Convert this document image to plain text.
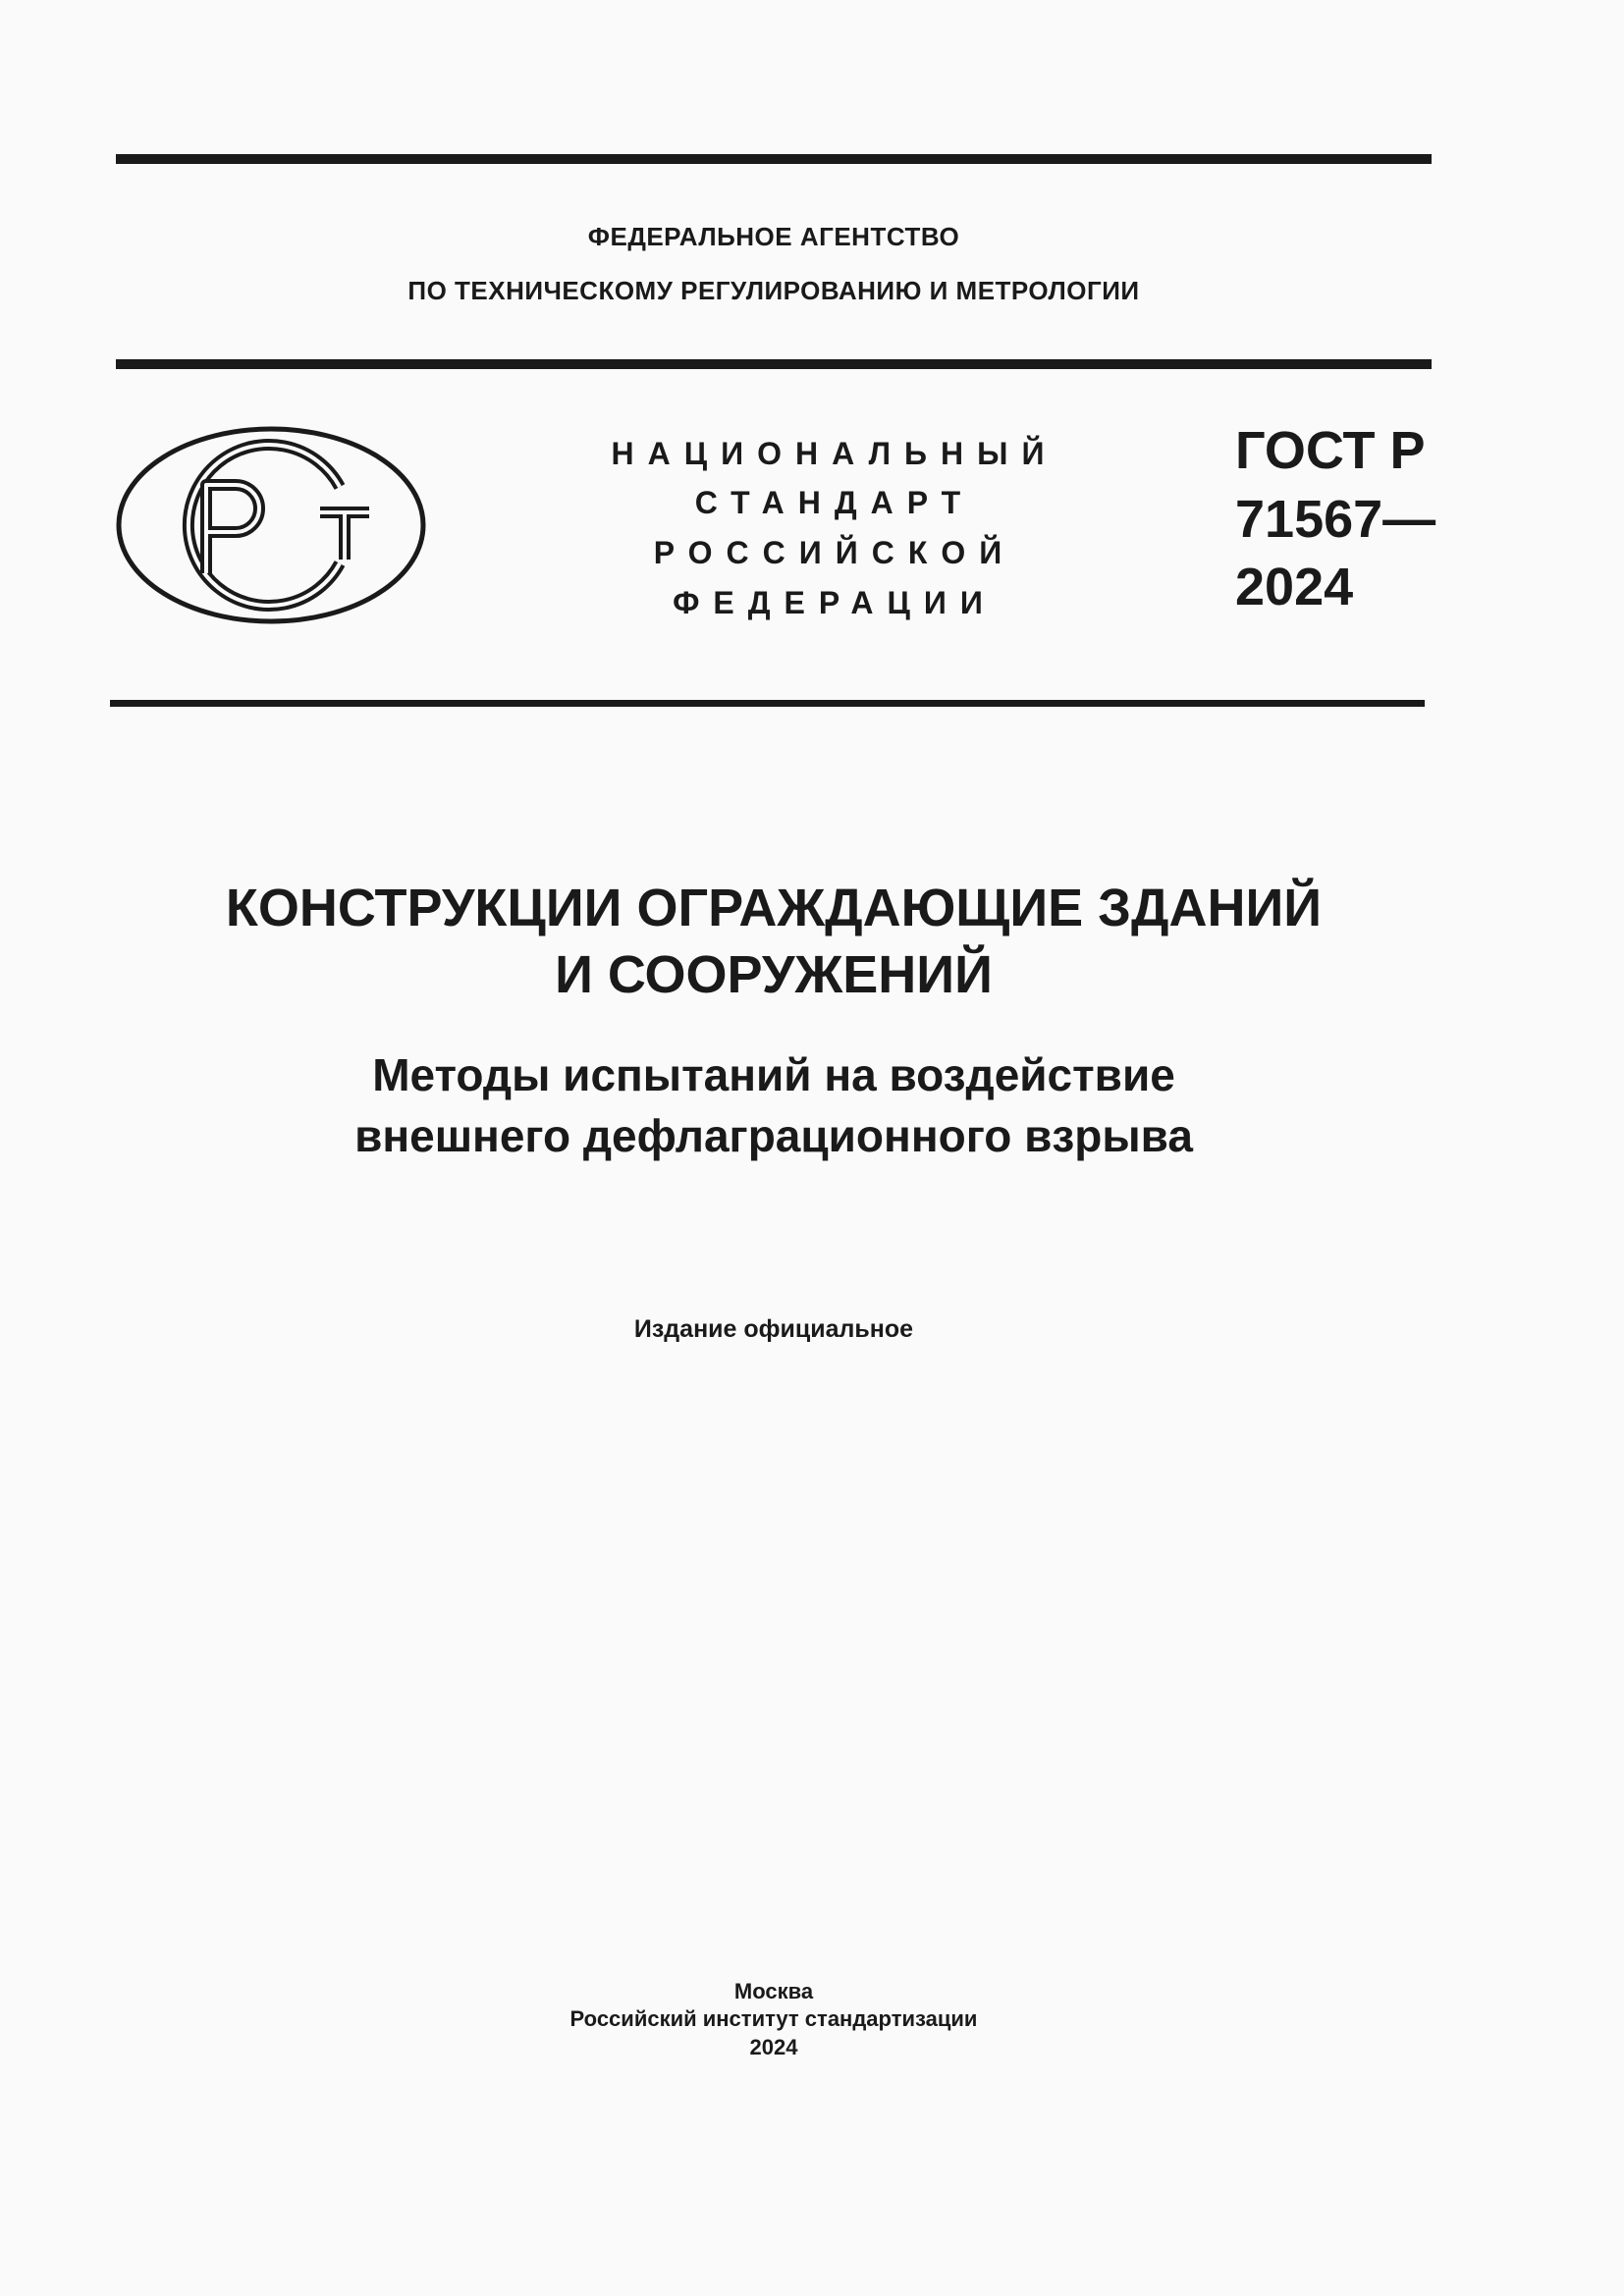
ФЕДЕРАЛЬНОЕ АГЕНТСТВО
ПО ТЕХНИЧЕСКОМУ РЕГУЛИРОВАНИЮ И МЕТРОЛОГИИ
НАЦИОНАЛЬНЫЙ
СТАНДАРТ
РОССИЙСКОЙ
ФЕДЕРАЦИИ
ГОСТ Р
71567—
2024
КОНСТРУКЦИИ ОГРАЖДАЮЩИЕ ЗДАНИЙ
И СООРУЖЕНИЙ
Методы испытаний на воздействие
внешнего дефлаграционного взрыва
Издание официальное
Москва
Российский институт стандартизации
2024
